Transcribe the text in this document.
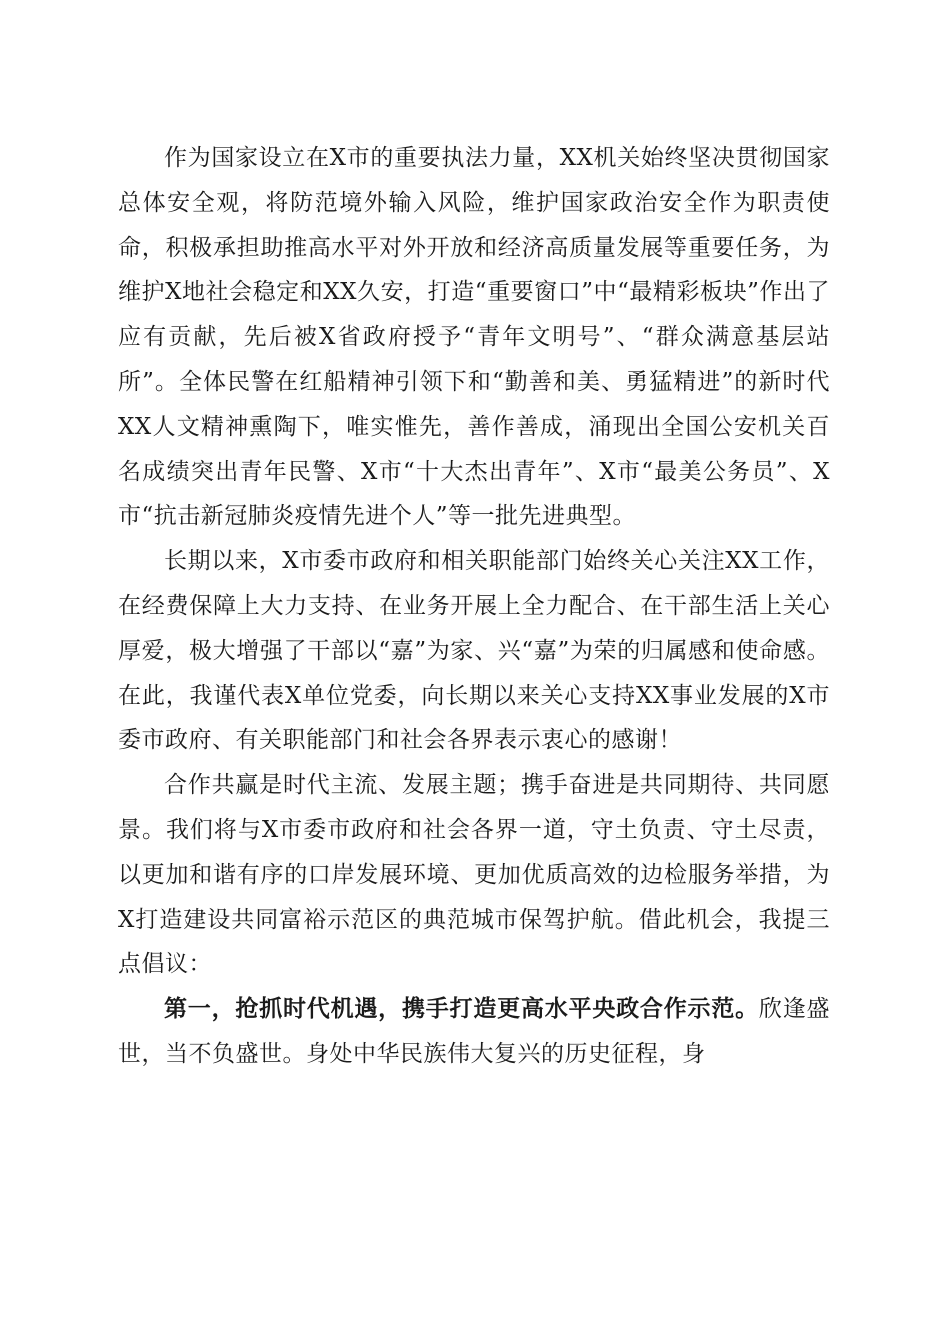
作为国家设立在X市的重要执法力量，XX机关始终坚决贯彻国家总体安全观，将防范境外输入风险，维护国家政治安全作为职责使命，积极承担助推高水平对外开放和经济高质量发展等重要任务，为维护X地社会稳定和XX久安，打造“重要窗口”中“最精彩板块”作出了应有贡献，先后被X省政府授予“青年文明号”、“群众满意基层站所”。全体民警在红船精神引领下和“勤善和美、勇猛精进”的新时代XX人文精神熏陶下，唯实惟先，善作善成，涌现出全国公安机关百名成绩突出青年民警、X市“十大杰出青年”、X市“最美公务员”、X市“抗击新冠肺炎疫情先进个人”等一批先进典型。

长期以来，X市委市政府和相关职能部门始终关心关注XX工作，在经费保障上大力支持、在业务开展上全力配合、在干部生活上关心厚爱，极大增强了干部以“嘉”为家、兴“嘉”为荣的归属感和使命感。在此，我谨代表X单位党委，向长期以来关心支持XX事业发展的X市委市政府、有关职能部门和社会各界表示衷心的感谢！

合作共赢是时代主流、发展主题；携手奋进是共同期待、共同愿景。我们将与X市委市政府和社会各界一道，守土负责、守土尽责，以更加和谐有序的口岸发展环境、更加优质高效的边检服务举措，为X打造建设共同富裕示范区的典范城市保驾护航。借此机会，我提三点倡议：

第一，抢抓时代机遇，携手打造更高水平央政合作示范。欣逢盛世，当不负盛世。身处中华民族伟大复兴的历史征程，身
